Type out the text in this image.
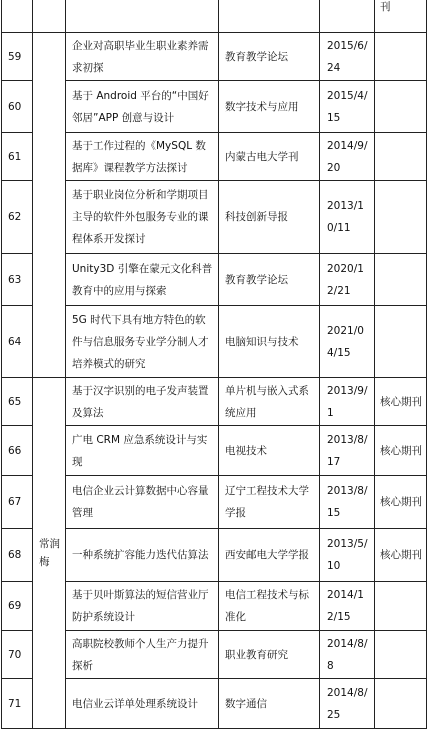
					刊
59		企业对高职毕业生职业素养需求初探	教育教学论坛	2015/6/24	
60		基于 Android 平台的“中国好邻居”APP 创意与设计	数字技术与应用	2015/4/15	
61		基于工作过程的《MySQL 数据库》课程教学方法探讨	内蒙古电大学刊	2014/9/20	
62		基于职业岗位分析和学期项目主导的软件外包服务专业的课程体系开发探讨	科技创新导报	2013/10/11	
63		Unity3D 引擎在蒙元文化科普教育中的应用与探索	教育教学论坛	2020/12/21	
64		5G 时代下具有地方特色的软件与信息服务专业学分制人才培养模式的研究	电脑知识与技术	2021/04/15	
65	常润梅	基于汉字识别的电子发声装置及算法	单片机与嵌入式系统应用	2013/9/1	核心期刊
66		广电 CRM 应急系统设计与实现	电视技术	2013/8/17	核心期刊
67		电信企业云计算数据中心容量管理	辽宁工程技术大学学报	2013/8/15	核心期刊
68		一种系统扩容能力迭代估算法	西安邮电大学学报	2013/5/10	核心期刊
69		基于贝叶斯算法的短信营业厅防护系统设计	电信工程技术与标准化	2014/12/15	
70		高职院校教师个人生产力提升探析	职业教育研究	2014/8/8	
71		电信业云详单处理系统设计	数字通信	2014/8/25	
